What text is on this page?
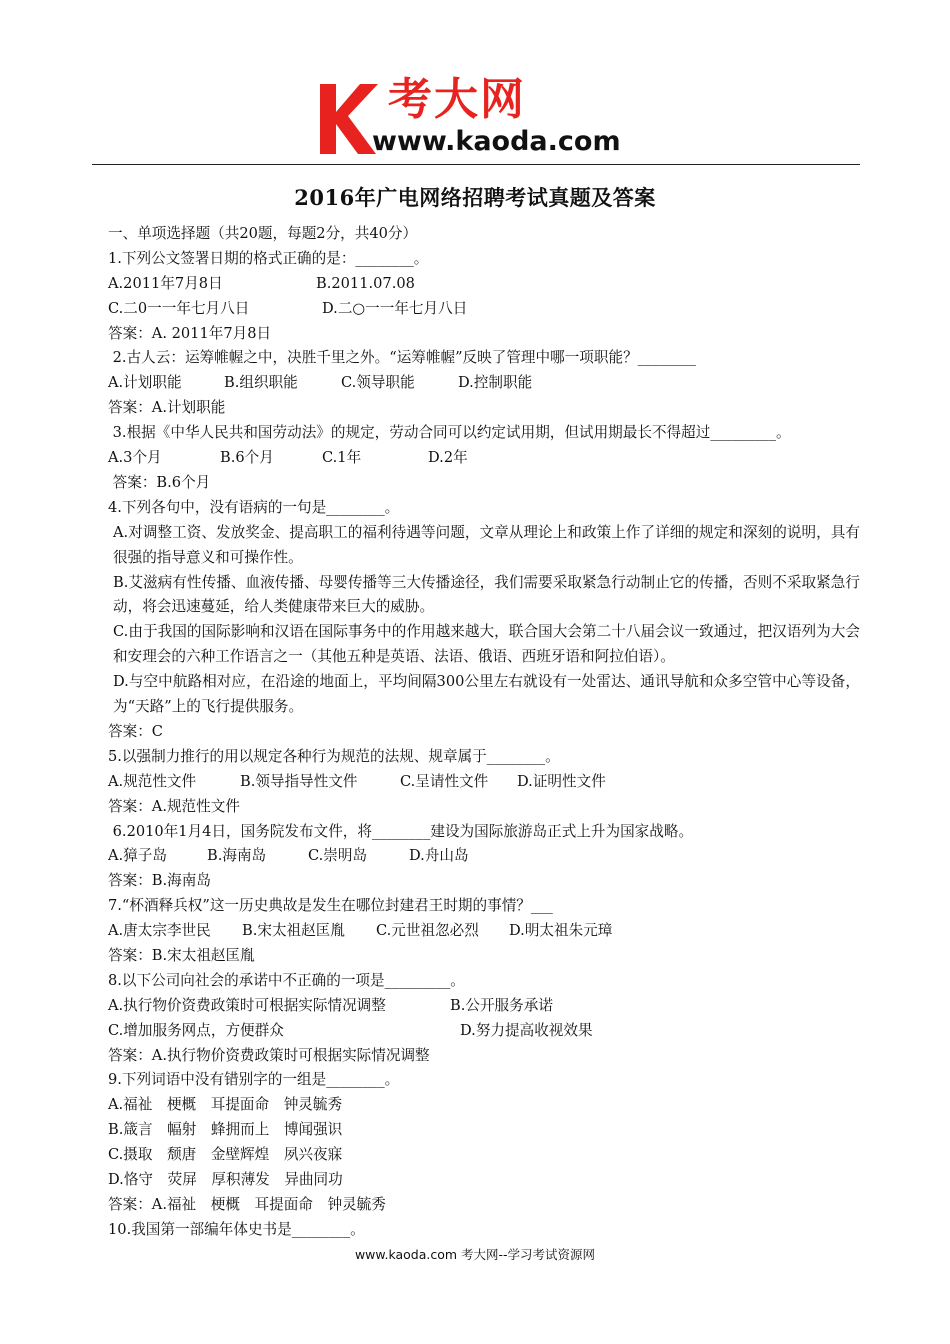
考大网
www.kaoda.com
2016年广电网络招聘考试真题及答案
一、单项选择题（共20题，每题2分，共40分）
1.下列公文签署日期的格式正确的是：________。
A.2011年7月8日	B.2011.07.08
C.二0一一年七月八日	D.二○一一年七月八日
答案：A. 2011年7月8日
2.古人云：运筹帷幄之中，决胜千里之外。“运筹帷幄”反映了管理中哪一项职能？________
A.计划职能	B.组织职能	C.领导职能	D.控制职能
答案：A.计划职能
3.根据《中华人民共和国劳动法》的规定，劳动合同可以约定试用期，但试用期最长不得超过_________。
A.3个月	B.6个月	C.1年	D.2年
答案：B.6个月
4.下列各句中，没有语病的一句是________。
A.对调整工资、发放奖金、提高职工的福利待遇等问题，文章从理论上和政策上作了详细的规定和深刻的说明，具有很强的指导意义和可操作性。
B.艾滋病有性传播、血液传播、母婴传播等三大传播途径，我们需要采取紧急行动制止它的传播，否则不采取紧急行动，将会迅速蔓延，给人类健康带来巨大的威胁。
C.由于我国的国际影响和汉语在国际事务中的作用越来越大，联合国大会第二十八届会议一致通过，把汉语列为大会和安理会的六种工作语言之一（其他五种是英语、法语、俄语、西班牙语和阿拉伯语）。
D.与空中航路相对应，在沿途的地面上，平均间隔300公里左右就设有一处雷达、通讯导航和众多空管中心等设备，为“天路”上的飞行提供服务。
答案：C
5.以强制力推行的用以规定各种行为规范的法规、规章属于________。
A.规范性文件	B.领导指导性文件	C.呈请性文件	D.证明性文件
答案：A.规范性文件
6.2010年1月4日，国务院发布文件，将________建设为国际旅游岛正式上升为国家战略。
A.獐子岛	B.海南岛	C.崇明岛	D.舟山岛
答案：B.海南岛
7.“杯酒释兵权”这一历史典故是发生在哪位封建君王时期的事情？___
A.唐太宗李世民	B.宋太祖赵匡胤	C.元世祖忽必烈	D.明太祖朱元璋
答案：B.宋太祖赵匡胤
8.以下公司向社会的承诺中不正确的一项是_________。
A.执行物价资费政策时可根据实际情况调整	B.公开服务承诺
C.增加服务网点，方便群众	D.努力提高收视效果
答案：A.执行物价资费政策时可根据实际情况调整
9.下列词语中没有错别字的一组是________。
A.福祉　梗概　耳提面命　钟灵毓秀
B.箴言　幅射　蜂拥而上　博闻强识
C.摄取　颓唐　金壁辉煌　夙兴夜寐
D.恪守　荧屏　厚积薄发　异曲同功
答案：A.福祉　梗概　耳提面命　钟灵毓秀
10.我国第一部编年体史书是________。
www.kaoda.com 考大网--学习考试资源网
